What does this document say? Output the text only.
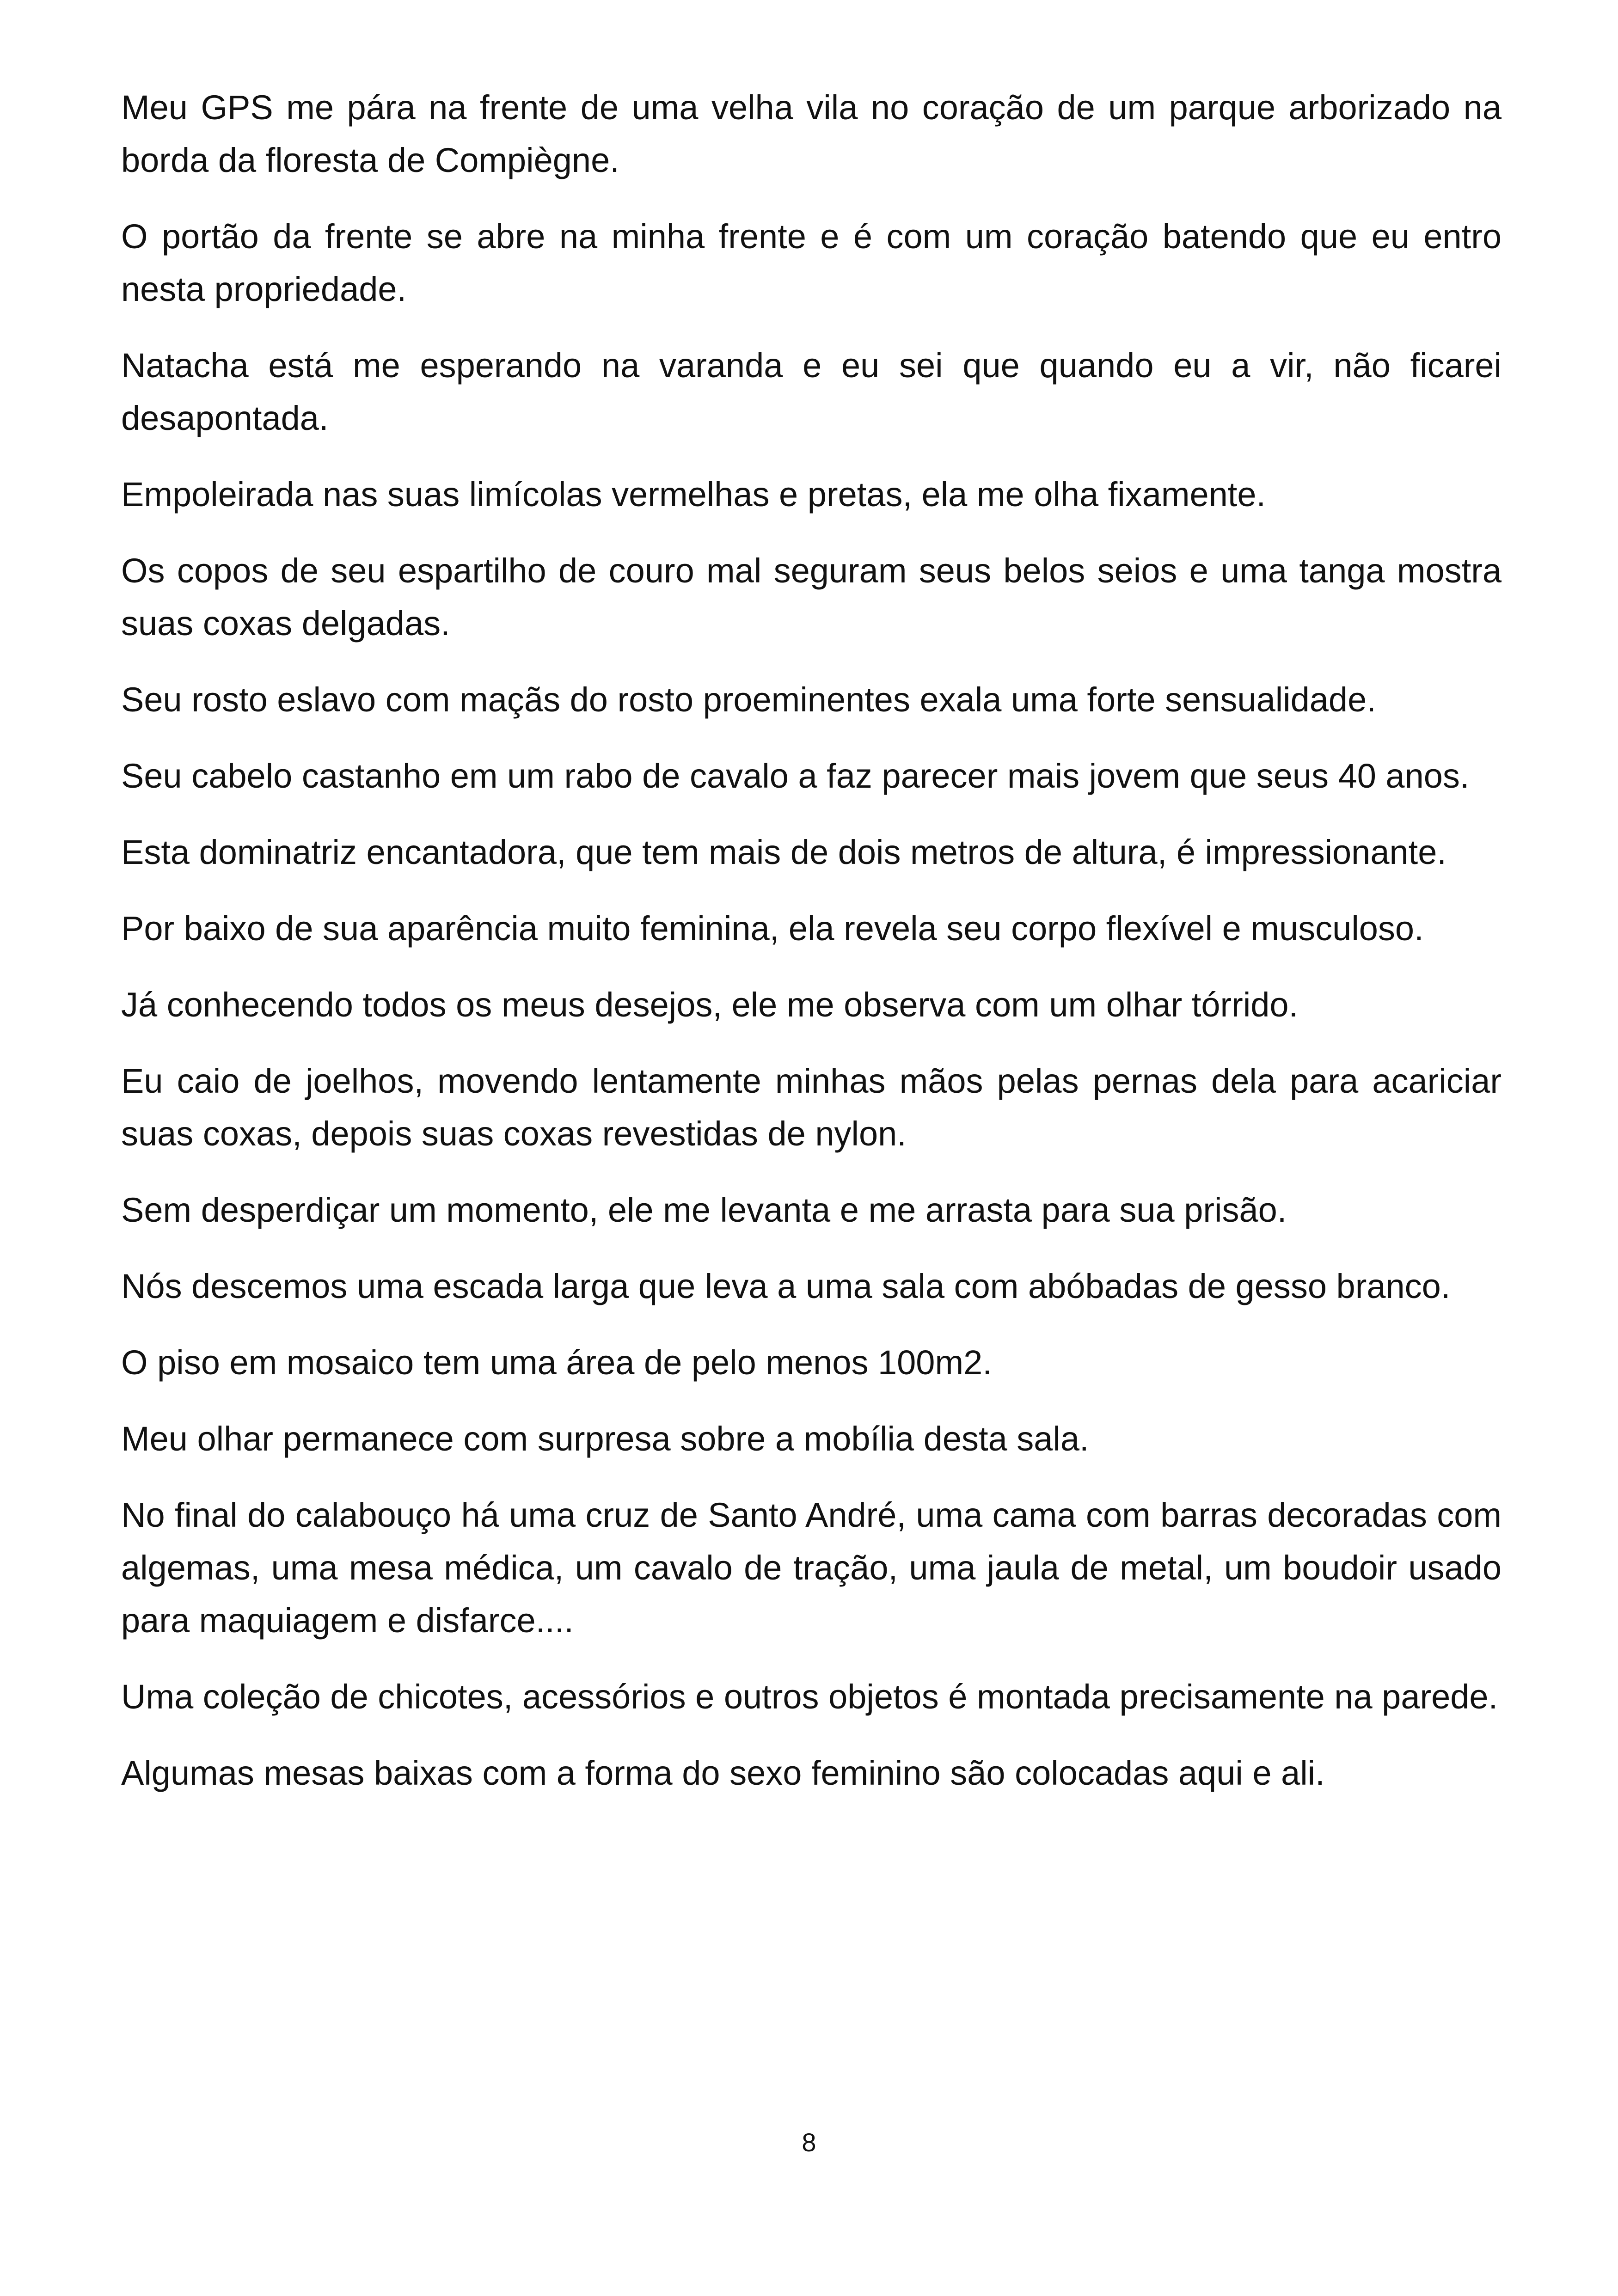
Meu GPS me pára na frente de uma velha vila no coração de um parque arborizado na borda da floresta de Compiègne.

O portão da frente se abre na minha frente e é com um coração batendo que eu entro nesta propriedade.

Natacha está me esperando na varanda e eu sei que quando eu a vir, não ficarei desapontada.

Empoleirada nas suas limícolas vermelhas e pretas, ela me olha fixamente.

Os copos de seu espartilho de couro mal seguram seus belos seios e uma tanga mostra suas coxas delgadas.

Seu rosto eslavo com maçãs do rosto proeminentes exala uma forte sensualidade.

Seu cabelo castanho em um rabo de cavalo a faz parecer mais jovem que seus 40 anos.

Esta dominatriz encantadora, que tem mais de dois metros de altura, é impressionante.

Por baixo de sua aparência muito feminina, ela revela seu corpo flexível e musculoso.

Já conhecendo todos os meus desejos, ele me observa com um olhar tórrido.

Eu caio de joelhos, movendo lentamente minhas mãos pelas pernas dela para acariciar suas coxas, depois suas coxas revestidas de nylon.

Sem desperdiçar um momento, ele me levanta e me arrasta para sua prisão.

Nós descemos uma escada larga que leva a uma sala com abóbadas de gesso branco.

O piso em mosaico tem uma área de pelo menos 100m2.

Meu olhar permanece com surpresa sobre a mobília desta sala.

No final do calabouço há uma cruz de Santo André, uma cama com barras decoradas com algemas, uma mesa médica, um cavalo de tração, uma jaula de metal, um boudoir usado para maquiagem e disfarce....

Uma coleção de chicotes, acessórios e outros objetos é montada precisamente na parede.

Algumas mesas baixas com a forma do sexo feminino são colocadas aqui e ali.

8
